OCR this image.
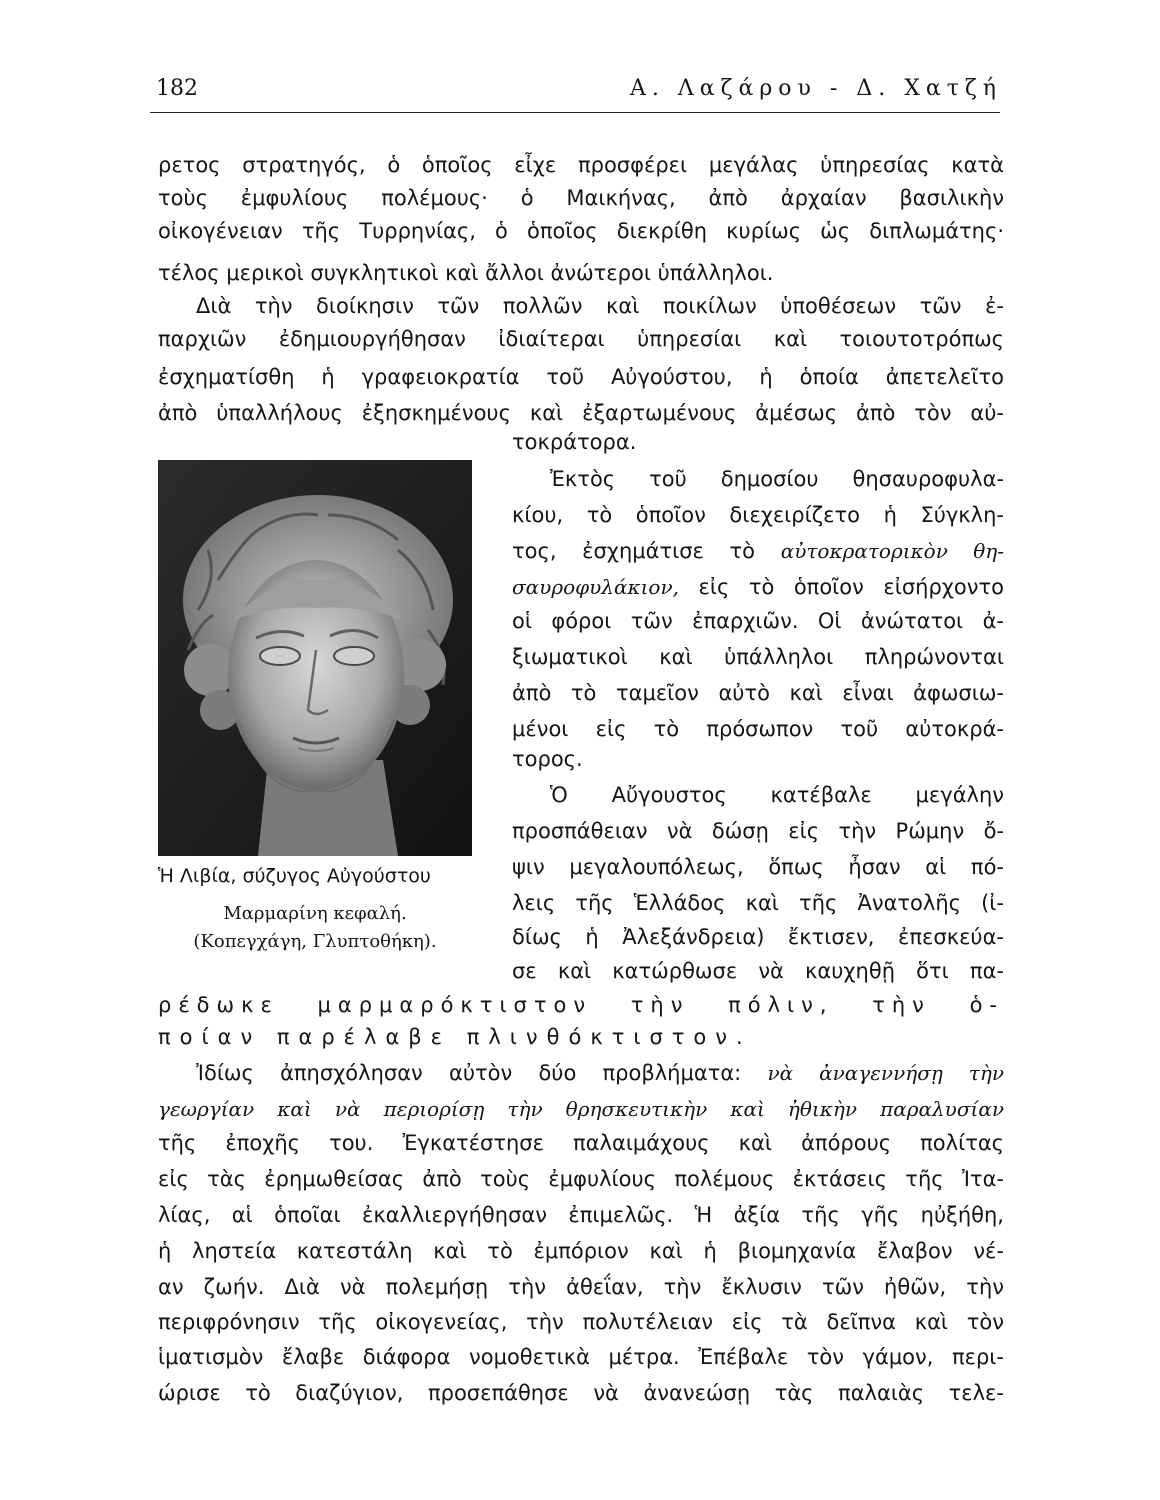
182	Α. Λαζάρου - Δ. Χατζή
ρετος στρατηγός, ὁ ὁποῖος εἶχε προσφέρει μεγάλας ὑπηρεσίας κατὰ
τοὺς ἐμφυλίους πολέμους· ὁ Μαικήνας, ἀπὸ ἀρχαίαν βασιλικὴν
οἰκογένειαν τῆς Τυρρηνίας, ὁ ὁποῖος διεκρίθη κυρίως ὡς διπλωμάτης·
τέλος μερικοὶ συγκλητικοὶ καὶ ἄλλοι ἀνώτεροι ὑπάλληλοι.
Διὰ τὴν διοίκησιν τῶν πολλῶν καὶ ποικίλων ὑποθέσεων τῶν ἐ-
παρχιῶν ἐδημιουργήθησαν ἰδιαίτεραι ὑπηρεσίαι καὶ τοιουτοτρόπως
ἐσχηματίσθη ἡ γραφειοκρατία τοῦ Αὐγούστου, ἡ ὁποία ἀπετελεῖτο
ἀπὸ ὑπαλλήλους ἐξησκημένους καὶ ἐξαρτωμένους ἀμέσως ἀπὸ τὸν αὐ-
τοκράτορα.
Ἡ Λιβία, σύζυγος Αὐγούστου
Μαρμαρίνη κεφαλή.
(Κοπεγχάγη, Γλυπτοθήκη).
Ἐκτὸς τοῦ δημοσίου θησαυροφυλα-
κίου, τὸ ὁποῖον διεχειρίζετο ἡ Σύγκλη-
τος, ἐσχημάτισε τὸ αὐτοκρατορικὸν θη-
σαυροφυλάκιον, εἰς τὸ ὁποῖον εἰσήρχοντο
οἱ φόροι τῶν ἐπαρχιῶν. Οἱ ἀνώτατοι ἀ-
ξιωματικοὶ καὶ ὑπάλληλοι πληρώνονται
ἀπὸ τὸ ταμεῖον αὐτὸ καὶ εἶναι ἀφωσιω-
μένοι εἰς τὸ πρόσωπον τοῦ αὐτοκρά-
τορος.
Ὁ Αὔγουστος κατέβαλε μεγάλην
προσπάθειαν νὰ δώσῃ εἰς τὴν Ρώμην ὄ-
ψιν μεγαλουπόλεως, ὅπως ἦσαν αἱ πό-
λεις τῆς Ἑλλάδος καὶ τῆς Ἀνατολῆς (ἰ-
δίως ἡ Ἀλεξάνδρεια) ἔκτισεν, ἐπεσκεύα-
σε καὶ κατώρθωσε νὰ καυχηθῇ ὅτι πα-
ρέδωκε μαρμαρόκτιστον τὴν πόλιν, τὴν ὁ-
ποίαν παρέλαβε πλινθόκτιστον.
Ἰδίως ἀπησχόλησαν αὐτὸν δύο προβλήματα: νὰ ἀναγεννήσῃ τὴν
γεωργίαν καὶ νὰ περιορίσῃ τὴν θρησκευτικὴν καὶ ἠθικὴν παραλυσίαν
τῆς ἐποχῆς του. Ἐγκατέστησε παλαιμάχους καὶ ἀπόρους πολίτας
εἰς τὰς ἐρημωθείσας ἀπὸ τοὺς ἐμφυλίους πολέμους ἐκτάσεις τῆς Ἰτα-
λίας, αἱ ὁποῖαι ἐκαλλιεργήθησαν ἐπιμελῶς. Ἡ ἀξία τῆς γῆς ηὐξήθη,
ἡ ληστεία κατεστάλη καὶ τὸ ἐμπόριον καὶ ἡ βιομηχανία ἔλαβον νέ-
αν ζωήν. Διὰ νὰ πολεμήσῃ τὴν ἀθεΐαν, τὴν ἔκλυσιν τῶν ἠθῶν, τὴν
περιφρόνησιν τῆς οἰκογενείας, τὴν πολυτέλειαν εἰς τὰ δεῖπνα καὶ τὸν
ἱματισμὸν ἔλαβε διάφορα νομοθετικὰ μέτρα. Ἐπέβαλε τὸν γάμον, περι-
ώρισε τὸ διαζύγιον, προσεπάθησε νὰ ἀνανεώσῃ τὰς παλαιὰς τελε-
